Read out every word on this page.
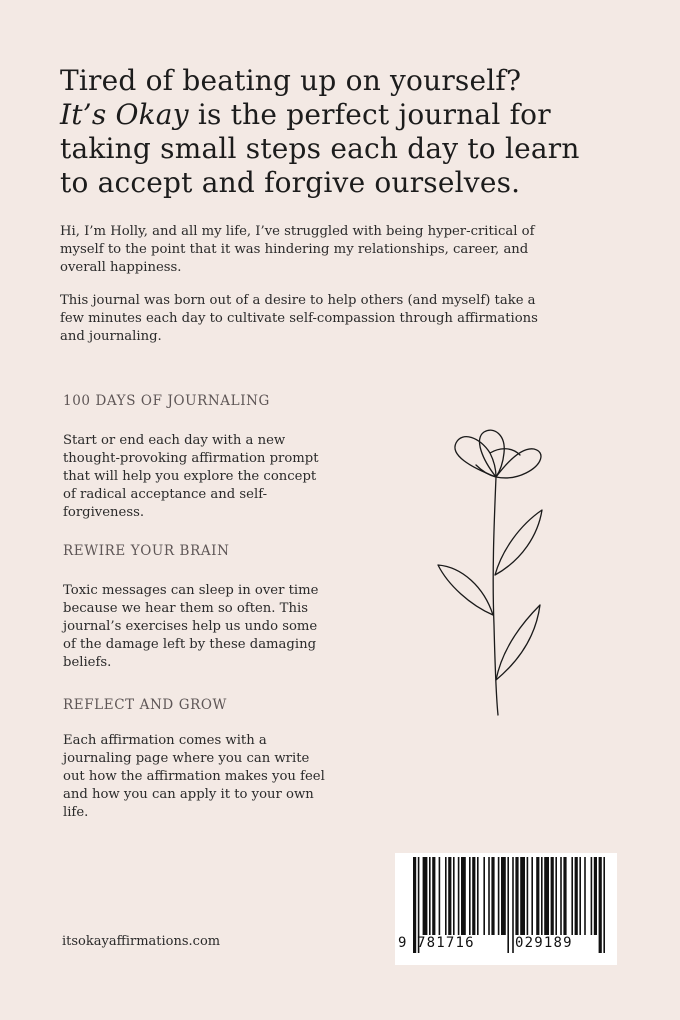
Tired of beating up on yourself?
It’s Okay is the perfect journal for
taking small steps each day to learn
to accept and forgive ourselves.

Hi, I’m Holly, and all my life, I’ve struggled with being hyper-critical of myself to the point that it was hindering my relationships, career, and overall happiness.

This journal was born out of a desire to help others (and myself) take a few minutes each day to cultivate self-compassion through affirmations and journaling.

100 DAYS OF JOURNALING

Start or end each day with a new thought-provoking affirmation prompt that will help you explore the concept of radical acceptance and self-forgiveness.

REWIRE YOUR BRAIN

Toxic messages can sleep in over time because we hear them so often. This journal’s exercises help us undo some of the damage left by these damaging beliefs.

REFLECT AND GROW

Each affirmation comes with a journaling page where you can write out how the affirmation makes you feel and how you can apply it to your own life.

itsokayaffirmations.com	9 781716	029189
